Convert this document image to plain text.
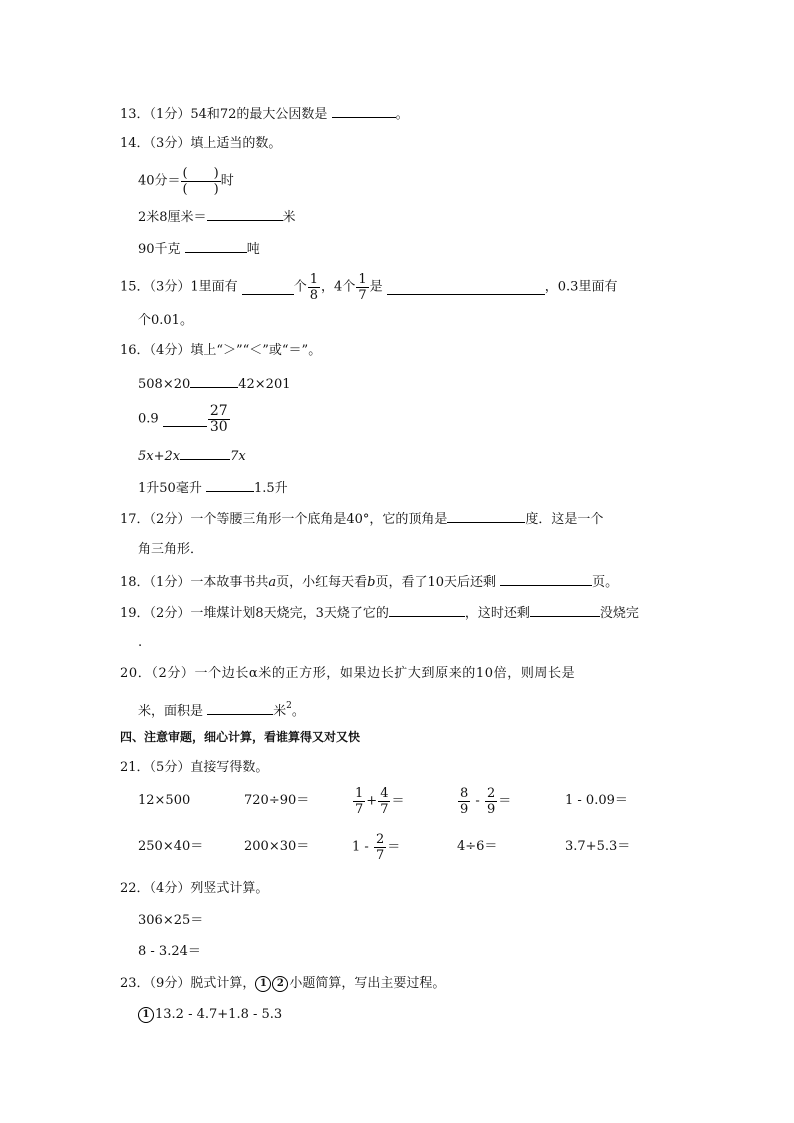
13．（1分）54和72的最大公因数是	。
14．（3分）填上适当的数。
40分＝ (　　)
(　　)
时
2米8厘米＝	米
90千克	吨
15．（3分）1里面有	个 $\frac{1}{8}$ ，4个 $\frac{1}{7}$ 是	，0.3里面有
个0.01。
16．（4分）填上“＞”“＜”或“＝”。
508×20	42×201
0.9	$\frac{27}{30}$
5x+2x	7x
1升50毫升	1.5升
17．（2分）一个等腰三角形一个底角是40°，它的顶角是	度．这是一个
角三角形．
18．（1分）一本故事书共a页，小红每天看b页，看了10天后还剩	页。
19．（2分）一堆煤计划8天烧完，3天烧了它的	，这时还剩	没烧完
.
20．（2分）一个边长α米的正方形，如果边长扩大到原来的10倍，则周长是
米，面积是	米$^2$。
四、注意审题，细心计算，看谁算得又对又快
21．（5分）直接写得数。
12×500	720÷90＝	$\frac{1}{7} + \frac{4}{7}$ ＝	$\frac{8}{9} - \frac{2}{9}$ ＝	1 - 0.09＝
250×40＝	200×30＝	$1 - \frac{2}{7}$ ＝	4÷6＝	3.7+5.3＝
22．（4分）列竖式计算。
306×25＝
8 - 3.24＝
23．（9分）脱式计算， 1 2 小题简算，写出主要过程。
1 13.2 - 4.7+1.8 - 5.3
